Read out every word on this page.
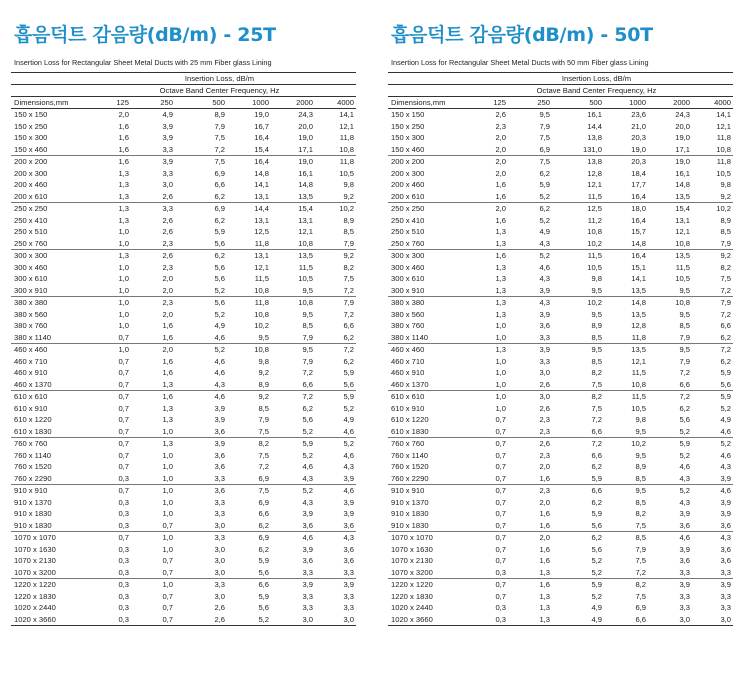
흡음덕트 감음량(dB/m) - 25T
Insertion Loss for Rectangular Sheet Metal Ducts with 25 mm Fiber glass Lining
	Insertion Loss, dB/m					
	Octave Band Center Frequency, Hz					
Dimensions,mm	125	250	500	1000	2000	4000
150 x 150	2,0	4,9	8,9	19,0	24,3	14,1
150 x 250	1,6	3,9	7,9	16,7	20,0	12,1
150 x 300	1,6	3,9	7,5	16,4	19,0	11,8
150 x 460	1,6	3,3	7,2	15,4	17,1	10,8
200 x 200	1,6	3,9	7,5	16,4	19,0	11,8
200 x 300	1,3	3,3	6,9	14,8	16,1	10,5
200 x 460	1,3	3,0	6,6	14,1	14,8	9,8
200 x 610	1,3	2,6	6,2	13,1	13,5	9,2
250 x 250	1,3	3,3	6,9	14,4	15,4	10,2
250 x 410	1,3	2,6	6,2	13,1	13,1	8,9
250 x 510	1,0	2,6	5,9	12,5	12,1	8,5
250 x 760	1,0	2,3	5,6	11,8	10,8	7,9
300 x 300	1,3	2,6	6,2	13,1	13,5	9,2
300 x 460	1,0	2,3	5,6	12,1	11,5	8,2
300 x 610	1,0	2,0	5,6	11,5	10,5	7,5
300 x 910	1,0	2,0	5,2	10,8	9,5	7,2
380 x 380	1,0	2,3	5,6	11,8	10,8	7,9
380 x 560	1,0	2,0	5,2	10,8	9,5	7,2
380 x 760	1,0	1,6	4,9	10,2	8,5	6,6
380 x 1140	0,7	1,6	4,6	9,5	7,9	6,2
460 x 460	1,0	2,0	5,2	10,8	9,5	7,2
460 x 710	0,7	1,6	4,6	9,8	7,9	6,2
460 x 910	0,7	1,6	4,6	9,2	7,2	5,9
460 x 1370	0,7	1,3	4,3	8,9	6,6	5,6
610 x 610	0,7	1,6	4,6	9,2	7,2	5,9
610 x 910	0,7	1,3	3,9	8,5	6,2	5,2
610 x 1220	0,7	1,3	3,9	7,9	5,6	4,9
610 x 1830	0,7	1,0	3,6	7,5	5,2	4,6
760 x 760	0,7	1,3	3,9	8,2	5,9	5,2
760 x 1140	0,7	1,0	3,6	7,5	5,2	4,6
760 x 1520	0,7	1,0	3,6	7,2	4,6	4,3
760 x 2290	0,3	1,0	3,3	6,9	4,3	3,9
910 x 910	0,7	1,0	3,6	7,5	5,2	4,6
910 x 1370	0,3	1,0	3,3	6,9	4,3	3,9
910 x 1830	0,3	1,0	3,3	6,6	3,9	3,9
910 x 1830	0,3	0,7	3,0	6,2	3,6	3,6
1070 x 1070	0,7	1,0	3,3	6,9	4,6	4,3
1070 x 1630	0,3	1,0	3,0	6,2	3,9	3,6
1070 x 2130	0,3	0,7	3,0	5,9	3,6	3,6
1070 x 3200	0,3	0,7	3,0	5,6	3,3	3,3
1220 x 1220	0,3	1,0	3,3	6,6	3,9	3,9
1220 x 1830	0,3	0,7	3,0	5,9	3,3	3,3
1020 x 2440	0,3	0,7	2,6	5,6	3,3	3,3
1020 x 3660	0,3	0,7	2,6	5,2	3,0	3,0
흡음덕트 감음량(dB/m) - 50T
Insertion Loss for Rectangular Sheet Metal Ducts with 50 mm Fiber glass Lining
	Insertion Loss, dB/m					
	Octave Band Center Frequency, Hz					
Dimensions,mm	125	250	500	1000	2000	4000
150 x 150	2,6	9,5	16,1	23,6	24,3	14,1
150 x 250	2,3	7,9	14,4	21,0	20,0	12,1
150 x 300	2,0	7,5	13,8	20,3	19,0	11,8
150 x 460	2,0	6,9	131,0	19,0	17,1	10,8
200 x 200	2,0	7,5	13,8	20,3	19,0	11,8
200 x 300	2,0	6,2	12,8	18,4	16,1	10,5
200 x 460	1,6	5,9	12,1	17,7	14,8	9,8
200 x 610	1,6	5,2	11,5	16,4	13,5	9,2
250 x 250	2,0	6,2	12,5	18,0	15,4	10,2
250 x 410	1,6	5,2	11,2	16,4	13,1	8,9
250 x 510	1,3	4,9	10,8	15,7	12,1	8,5
250 x 760	1,3	4,3	10,2	14,8	10,8	7,9
300 x 300	1,6	5,2	11,5	16,4	13,5	9,2
300 x 460	1,3	4,6	10,5	15,1	11,5	8,2
300 x 610	1,3	4,3	9,8	14,1	10,5	7,5
300 x 910	1,3	3,9	9,5	13,5	9,5	7,2
380 x 380	1,3	4,3	10,2	14,8	10,8	7,9
380 x 560	1,3	3,9	9,5	13,5	9,5	7,2
380 x 760	1,0	3,6	8,9	12,8	8,5	6,6
380 x 1140	1,0	3,3	8,5	11,8	7,9	6,2
460 x 460	1,3	3,9	9,5	13,5	9,5	7,2
460 x 710	1,0	3,3	8,5	12,1	7,9	6,2
460 x 910	1,0	3,0	8,2	11,5	7,2	5,9
460 x 1370	1,0	2,6	7,5	10,8	6,6	5,6
610 x 610	1,0	3,0	8,2	11,5	7,2	5,9
610 x 910	1,0	2,6	7,5	10,5	6,2	5,2
610 x 1220	0,7	2,3	7,2	9,8	5,6	4,9
610 x 1830	0,7	2,3	6,6	9,5	5,2	4,6
760 x 760	0,7	2,6	7,2	10,2	5,9	5,2
760 x 1140	0,7	2,3	6,6	9,5	5,2	4,6
760 x 1520	0,7	2,0	6,2	8,9	4,6	4,3
760 x 2290	0,7	1,6	5,9	8,5	4,3	3,9
910 x 910	0,7	2,3	6,6	9,5	5,2	4,6
910 x 1370	0,7	2,0	6,2	8,5	4,3	3,9
910 x 1830	0,7	1,6	5,9	8,2	3,9	3,9
910 x 1830	0,7	1,6	5,6	7,5	3,6	3,6
1070 x 1070	0,7	2,0	6,2	8,5	4,6	4,3
1070 x 1630	0,7	1,6	5,6	7,9	3,9	3,6
1070 x 2130	0,7	1,6	5,2	7,5	3,6	3,6
1070 x 3200	0,3	1,3	5,2	7,2	3,3	3,3
1220 x 1220	0,7	1,6	5,9	8,2	3,9	3,9
1220 x 1830	0,7	1,3	5,2	7,5	3,3	3,3
1020 x 2440	0,3	1,3	4,9	6,9	3,3	3,3
1020 x 3660	0,3	1,3	4,9	6,6	3,0	3,0
